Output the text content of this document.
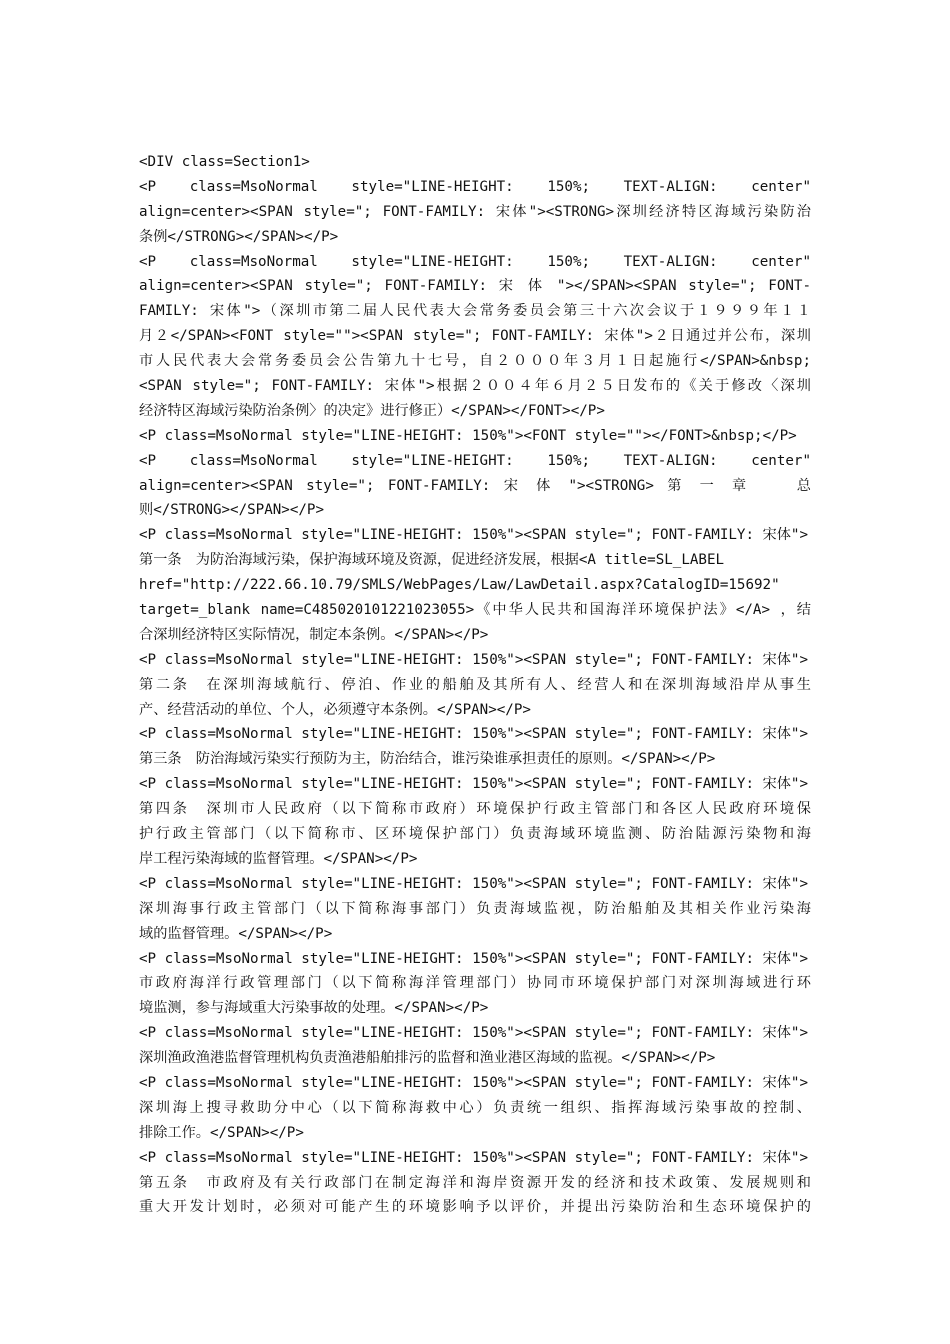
<DIV class=Section1>
<P class=MsoNormal style="LINE-HEIGHT: 150%; TEXT-ALIGN: center"
align=center><SPAN style="; FONT-FAMILY: 宋体"><STRONG>深圳经济特区海域污染防治
条例</STRONG></SPAN></P>
<P class=MsoNormal style="LINE-HEIGHT: 150%; TEXT-ALIGN: center"
align=center><SPAN style="; FONT-FAMILY: 宋 体 "></SPAN><SPAN style="; FONT-
FAMILY: 宋体">（深圳市第二届人民代表大会常务委员会第三十六次会议于１９９９年１１
月２</SPAN><FONT style=""><SPAN style="; FONT-FAMILY: 宋体">２日通过并公布，深圳
市人民代表大会常务委员会公告第九十七号，自２０００年３月１日起施行</SPAN>&nbsp;
<SPAN style="; FONT-FAMILY: 宋体">根据２００４年６月２５日发布的《关于修改〈深圳
经济特区海域污染防治条例〉的决定》进行修正）</SPAN></FONT></P>
<P class=MsoNormal style="LINE-HEIGHT: 150%"><FONT style=""></FONT>&nbsp;</P>
<P class=MsoNormal style="LINE-HEIGHT: 150%; TEXT-ALIGN: center"
align=center><SPAN style="; FONT-FAMILY: 宋 体 "><STRONG> 第 一 章 　 总
则</STRONG></SPAN></P>
<P class=MsoNormal style="LINE-HEIGHT: 150%"><SPAN style="; FONT-FAMILY: 宋体">
第一条　为防治海域污染，保护海域环境及资源，促进经济发展，根据<A title=SL_LABEL
href="http://222.66.10.79/SMLS/WebPages/Law/LawDetail.aspx?CatalogID=15692"
target=_blank name=C485020101221023055>《中华人民共和国海洋环境保护法》</A> ，结
合深圳经济特区实际情况，制定本条例。</SPAN></P>
<P class=MsoNormal style="LINE-HEIGHT: 150%"><SPAN style="; FONT-FAMILY: 宋体">
第二条　在深圳海域航行、停泊、作业的船舶及其所有人、经营人和在深圳海域沿岸从事生
产、经营活动的单位、个人，必须遵守本条例。</SPAN></P>
<P class=MsoNormal style="LINE-HEIGHT: 150%"><SPAN style="; FONT-FAMILY: 宋体">
第三条　防治海域污染实行预防为主，防治结合，谁污染谁承担责任的原则。</SPAN></P>
<P class=MsoNormal style="LINE-HEIGHT: 150%"><SPAN style="; FONT-FAMILY: 宋体">
第四条　深圳市人民政府（以下简称市政府）环境保护行政主管部门和各区人民政府环境保
护行政主管部门（以下简称市、区环境保护部门）负责海域环境监测、防治陆源污染物和海
岸工程污染海域的监督管理。</SPAN></P>
<P class=MsoNormal style="LINE-HEIGHT: 150%"><SPAN style="; FONT-FAMILY: 宋体">
深圳海事行政主管部门（以下简称海事部门）负责海域监视，防治船舶及其相关作业污染海
域的监督管理。</SPAN></P>
<P class=MsoNormal style="LINE-HEIGHT: 150%"><SPAN style="; FONT-FAMILY: 宋体">
市政府海洋行政管理部门（以下简称海洋管理部门）协同市环境保护部门对深圳海域进行环
境监测，参与海域重大污染事故的处理。</SPAN></P>
<P class=MsoNormal style="LINE-HEIGHT: 150%"><SPAN style="; FONT-FAMILY: 宋体">
深圳渔政渔港监督管理机构负责渔港船舶排污的监督和渔业港区海域的监视。</SPAN></P>
<P class=MsoNormal style="LINE-HEIGHT: 150%"><SPAN style="; FONT-FAMILY: 宋体">
深圳海上搜寻救助分中心（以下简称海救中心）负责统一组织、指挥海域污染事故的控制、
排除工作。</SPAN></P>
<P class=MsoNormal style="LINE-HEIGHT: 150%"><SPAN style="; FONT-FAMILY: 宋体">
第五条　市政府及有关行政部门在制定海洋和海岸资源开发的经济和技术政策、发展规则和
重大开发计划时，必须对可能产生的环境影响予以评价，并提出污染防治和生态环境保护的
